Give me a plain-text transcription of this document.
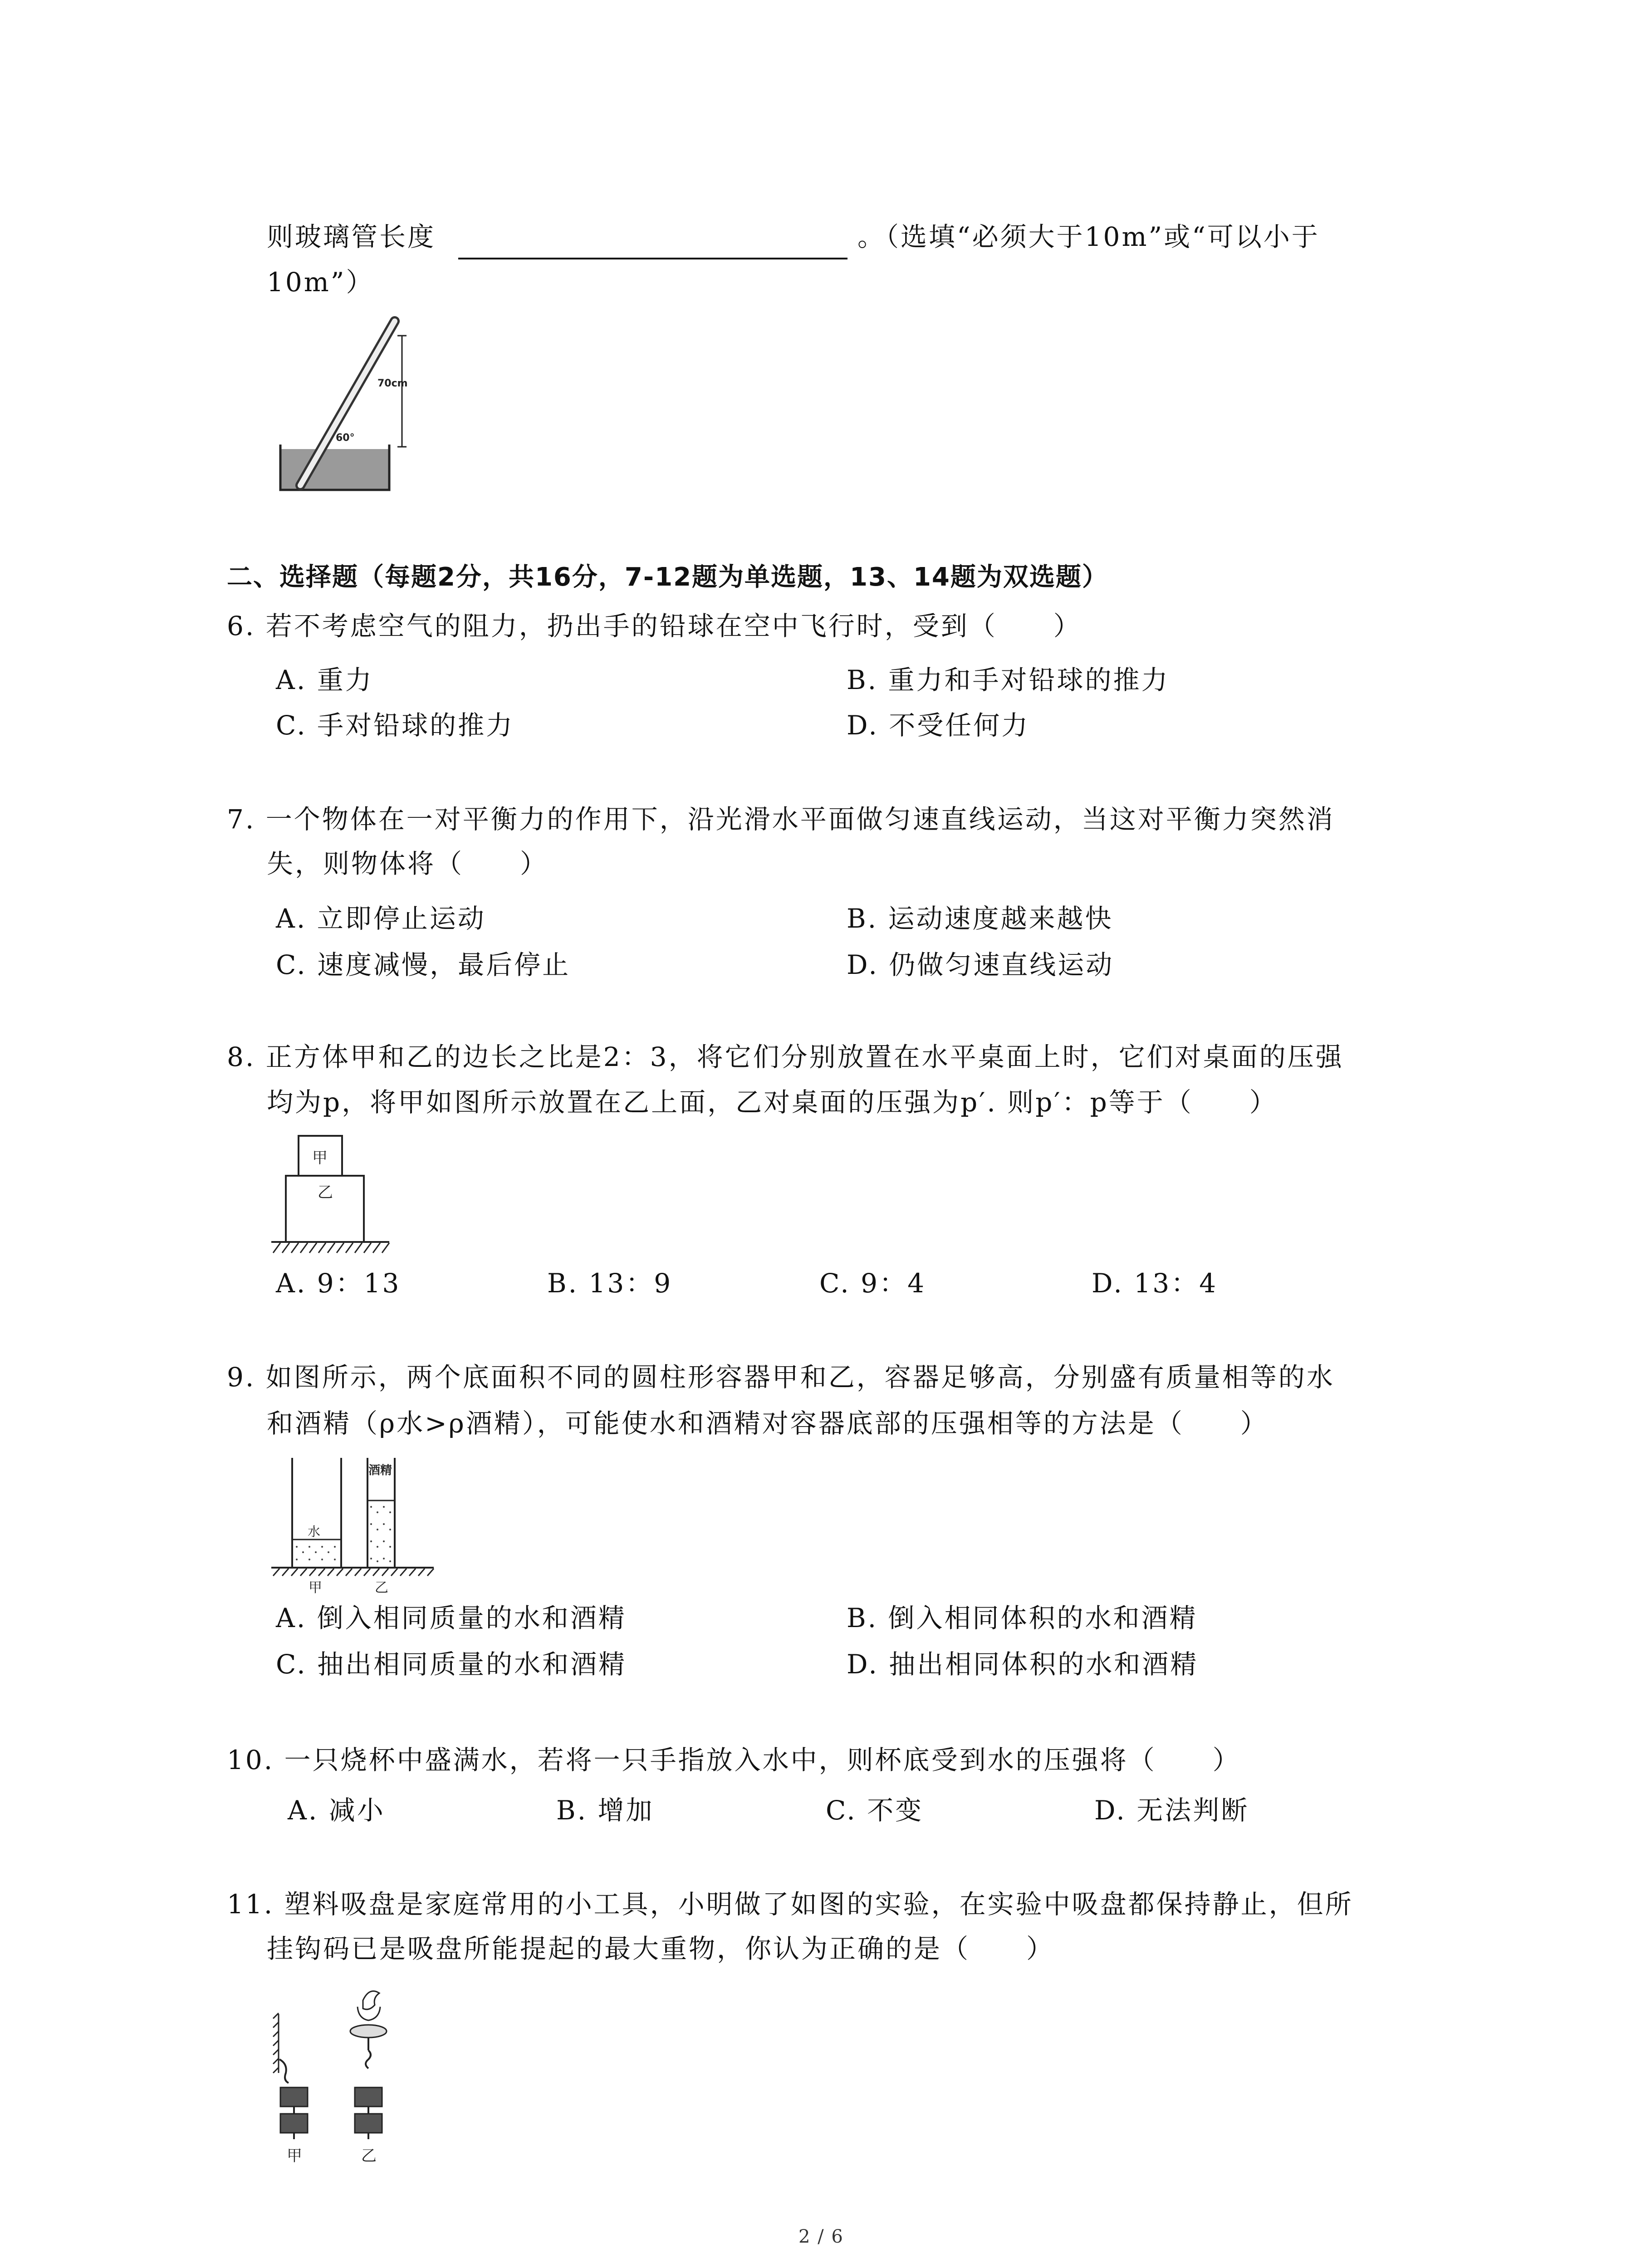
则玻璃管长度	。（选填“必须大于10m”或“可以小于
10m”）
70cm
60°
二、选择题（每题2分，共16分，7-12题为单选题，13、14题为双选题）
6. 若不考虑空气的阻力，扔出手的铅球在空中飞行时，受到（　　）
A. 重力	B. 重力和手对铅球的推力
C. 手对铅球的推力	D. 不受任何力
7. 一个物体在一对平衡力的作用下，沿光滑水平面做匀速直线运动，当这对平衡力突然消
失，则物体将（　　）
A. 立即停止运动	B. 运动速度越来越快
C. 速度减慢，最后停止	D. 仍做匀速直线运动
8. 正方体甲和乙的边长之比是2：3，将它们分别放置在水平桌面上时，它们对桌面的压强
均为p，将甲如图所示放置在乙上面，乙对桌面的压强为p′. 则p′：p等于（　　）
甲
乙
A. 9：13	B. 13：9	C. 9：4	D. 13：4
9. 如图所示，两个底面积不同的圆柱形容器甲和乙，容器足够高，分别盛有质量相等的水
和酒精（ρ水>ρ酒精），可能使水和酒精对容器底部的压强相等的方法是（　　）
水
酒精
甲	乙
A. 倒入相同质量的水和酒精	B. 倒入相同体积的水和酒精
C. 抽出相同质量的水和酒精	D. 抽出相同体积的水和酒精
10. 一只烧杯中盛满水，若将一只手指放入水中，则杯底受到水的压强将（　　）
A. 减小	B. 增加	C. 不变	D. 无法判断
11. 塑料吸盘是家庭常用的小工具，小明做了如图的实验，在实验中吸盘都保持静止，但所
挂钩码已是吸盘所能提起的最大重物，你认为正确的是（　　）
甲	乙
2 / 6
